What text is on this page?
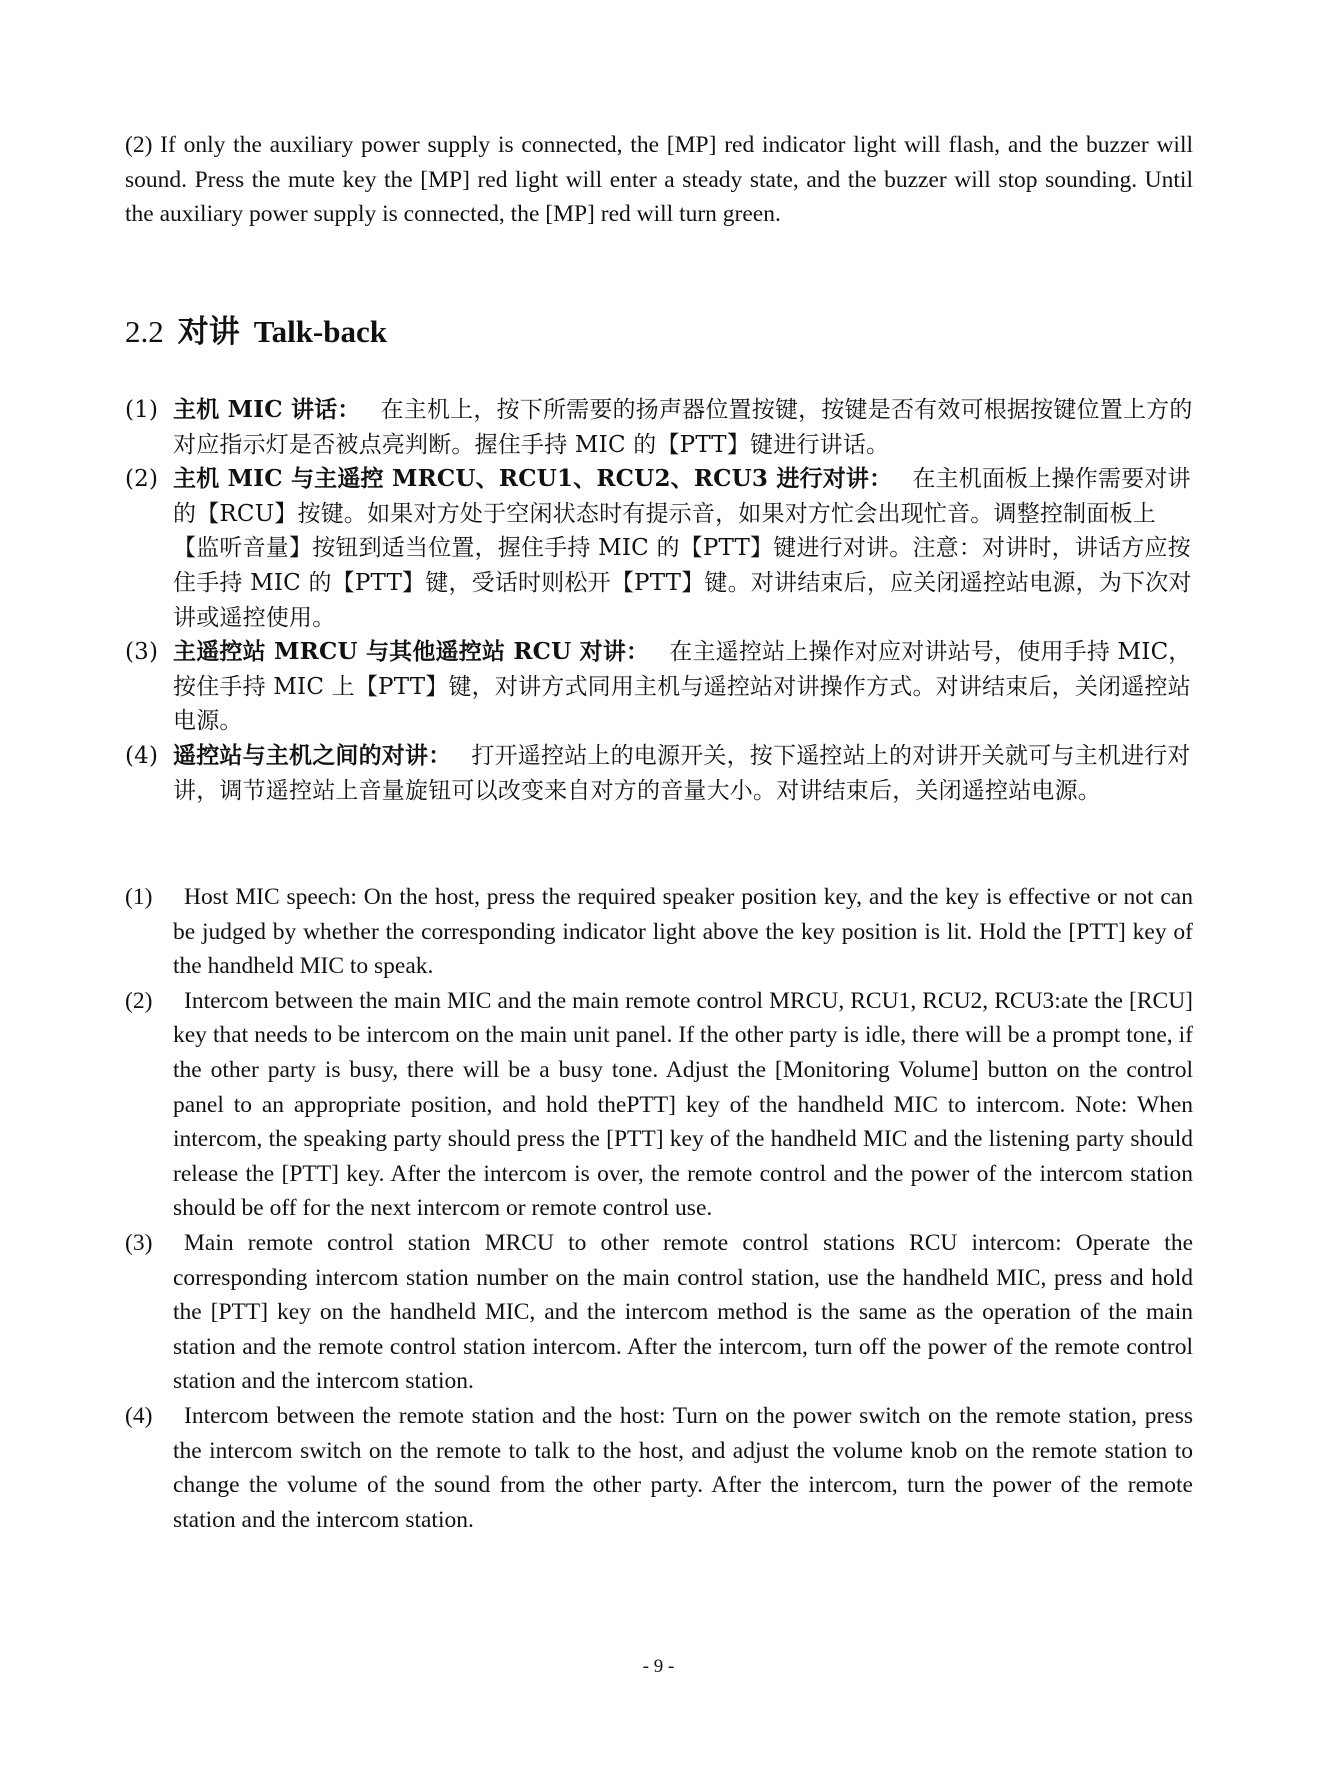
(2) If only the auxiliary power supply is connected, the [MP] red indicator light will flash, and the buzzer will sound. Press the mute key the [MP] red light will enter a steady state, and the buzzer will stop sounding. Until the auxiliary power supply is connected, the [MP] red will turn green.

2.2 对讲 Talk-back
(1) 主机 MIC 讲话： 在主机上，按下所需要的扬声器位置按键，按键是否有效可根据按键位置上方的对应指示灯是否被点亮判断。握住手持 MIC 的【PTT】键进行讲话。
(2) 主机 MIC 与主遥控 MRCU、RCU1、RCU2、RCU3 进行对讲： 在主机面板上操作需要对讲的【RCU】按键。如果对方处于空闲状态时有提示音，如果对方忙会出现忙音。调整控制面板上【监听音量】按钮到适当位置，握住手持 MIC 的【PTT】键进行对讲。注意：对讲时，讲话方应按住手持 MIC 的【PTT】键，受话时则松开【PTT】键。对讲结束后，应关闭遥控站电源，为下次对讲或遥控使用。
(3) 主遥控站 MRCU 与其他遥控站 RCU 对讲： 在主遥控站上操作对应对讲站号，使用手持 MIC，按住手持 MIC 上【PTT】键，对讲方式同用主机与遥控站对讲操作方式。对讲结束后，关闭遥控站电源。
(4) 遥控站与主机之间的对讲： 打开遥控站上的电源开关，按下遥控站上的对讲开关就可与主机进行对讲，调节遥控站上音量旋钮可以改变来自对方的音量大小。对讲结束后，关闭遥控站电源。
(1) Host MIC speech: On the host, press the required speaker position key, and the key is effective or not can be judged by whether the corresponding indicator light above the key position is lit. Hold the [PTT] key of the handheld MIC to speak.
(2) Intercom between the main MIC and the main remote control MRCU, RCU1, RCU2, RCU3:ate the [RCU] key that needs to be intercom on the main unit panel. If the other party is idle, there will be a prompt tone, if the other party is busy, there will be a busy tone. Adjust the [Monitoring Volume] button on the control panel to an appropriate position, and hold thePTT] key of the handheld MIC to intercom. Note: When intercom, the speaking party should press the [PTT] key of the handheld MIC and the listening party should release the [PTT] key. After the intercom is over, the remote control and the power of the intercom station should be off for the next intercom or remote control use.
(3) Main remote control station MRCU to other remote control stations RCU intercom: Operate the corresponding intercom station number on the main control station, use the handheld MIC, press and hold the [PTT] key on the handheld MIC, and the intercom method is the same as the operation of the main station and the remote control station intercom. After the intercom, turn off the power of the remote control station and the intercom station.
(4) Intercom between the remote station and the host: Turn on the power switch on the remote station, press the intercom switch on the remote to talk to the host, and adjust the volume knob on the remote station to change the volume of the sound from the other party. After the intercom, turn the power of the remote station and the intercom station.
- 9 -
